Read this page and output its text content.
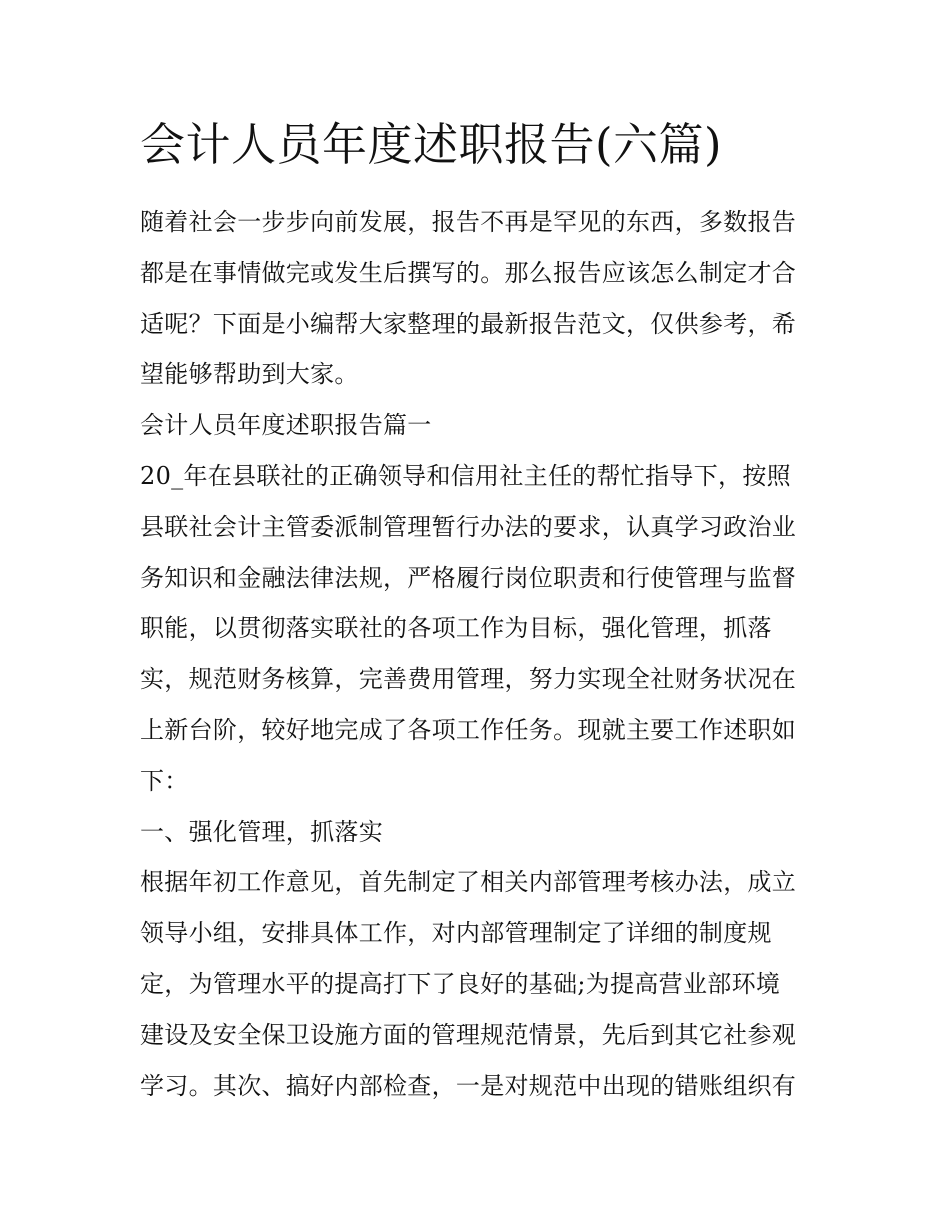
会计人员年度述职报告(六篇)
随着社会一步步向前发展，报告不再是罕见的东西，多数报告
都是在事情做完或发生后撰写的。那么报告应该怎么制定才合
适呢？下面是小编帮大家整理的最新报告范文，仅供参考，希
望能够帮助到大家。
会计人员年度述职报告篇一
20_年在县联社的正确领导和信用社主任的帮忙指导下，按照
县联社会计主管委派制管理暂行办法的要求，认真学习政治业
务知识和金融法律法规，严格履行岗位职责和行使管理与监督
职能，以贯彻落实联社的各项工作为目标，强化管理，抓落
实，规范财务核算，完善费用管理，努力实现全社财务状况在
上新台阶，较好地完成了各项工作任务。现就主要工作述职如
下：
一、强化管理，抓落实
根据年初工作意见，首先制定了相关内部管理考核办法，成立
领导小组，安排具体工作，对内部管理制定了详细的制度规
定，为管理水平的提高打下了良好的基础;为提高营业部环境
建设及安全保卫设施方面的管理规范情景，先后到其它社参观
学习。其次、搞好内部检查，一是对规范中出现的错账组织有
